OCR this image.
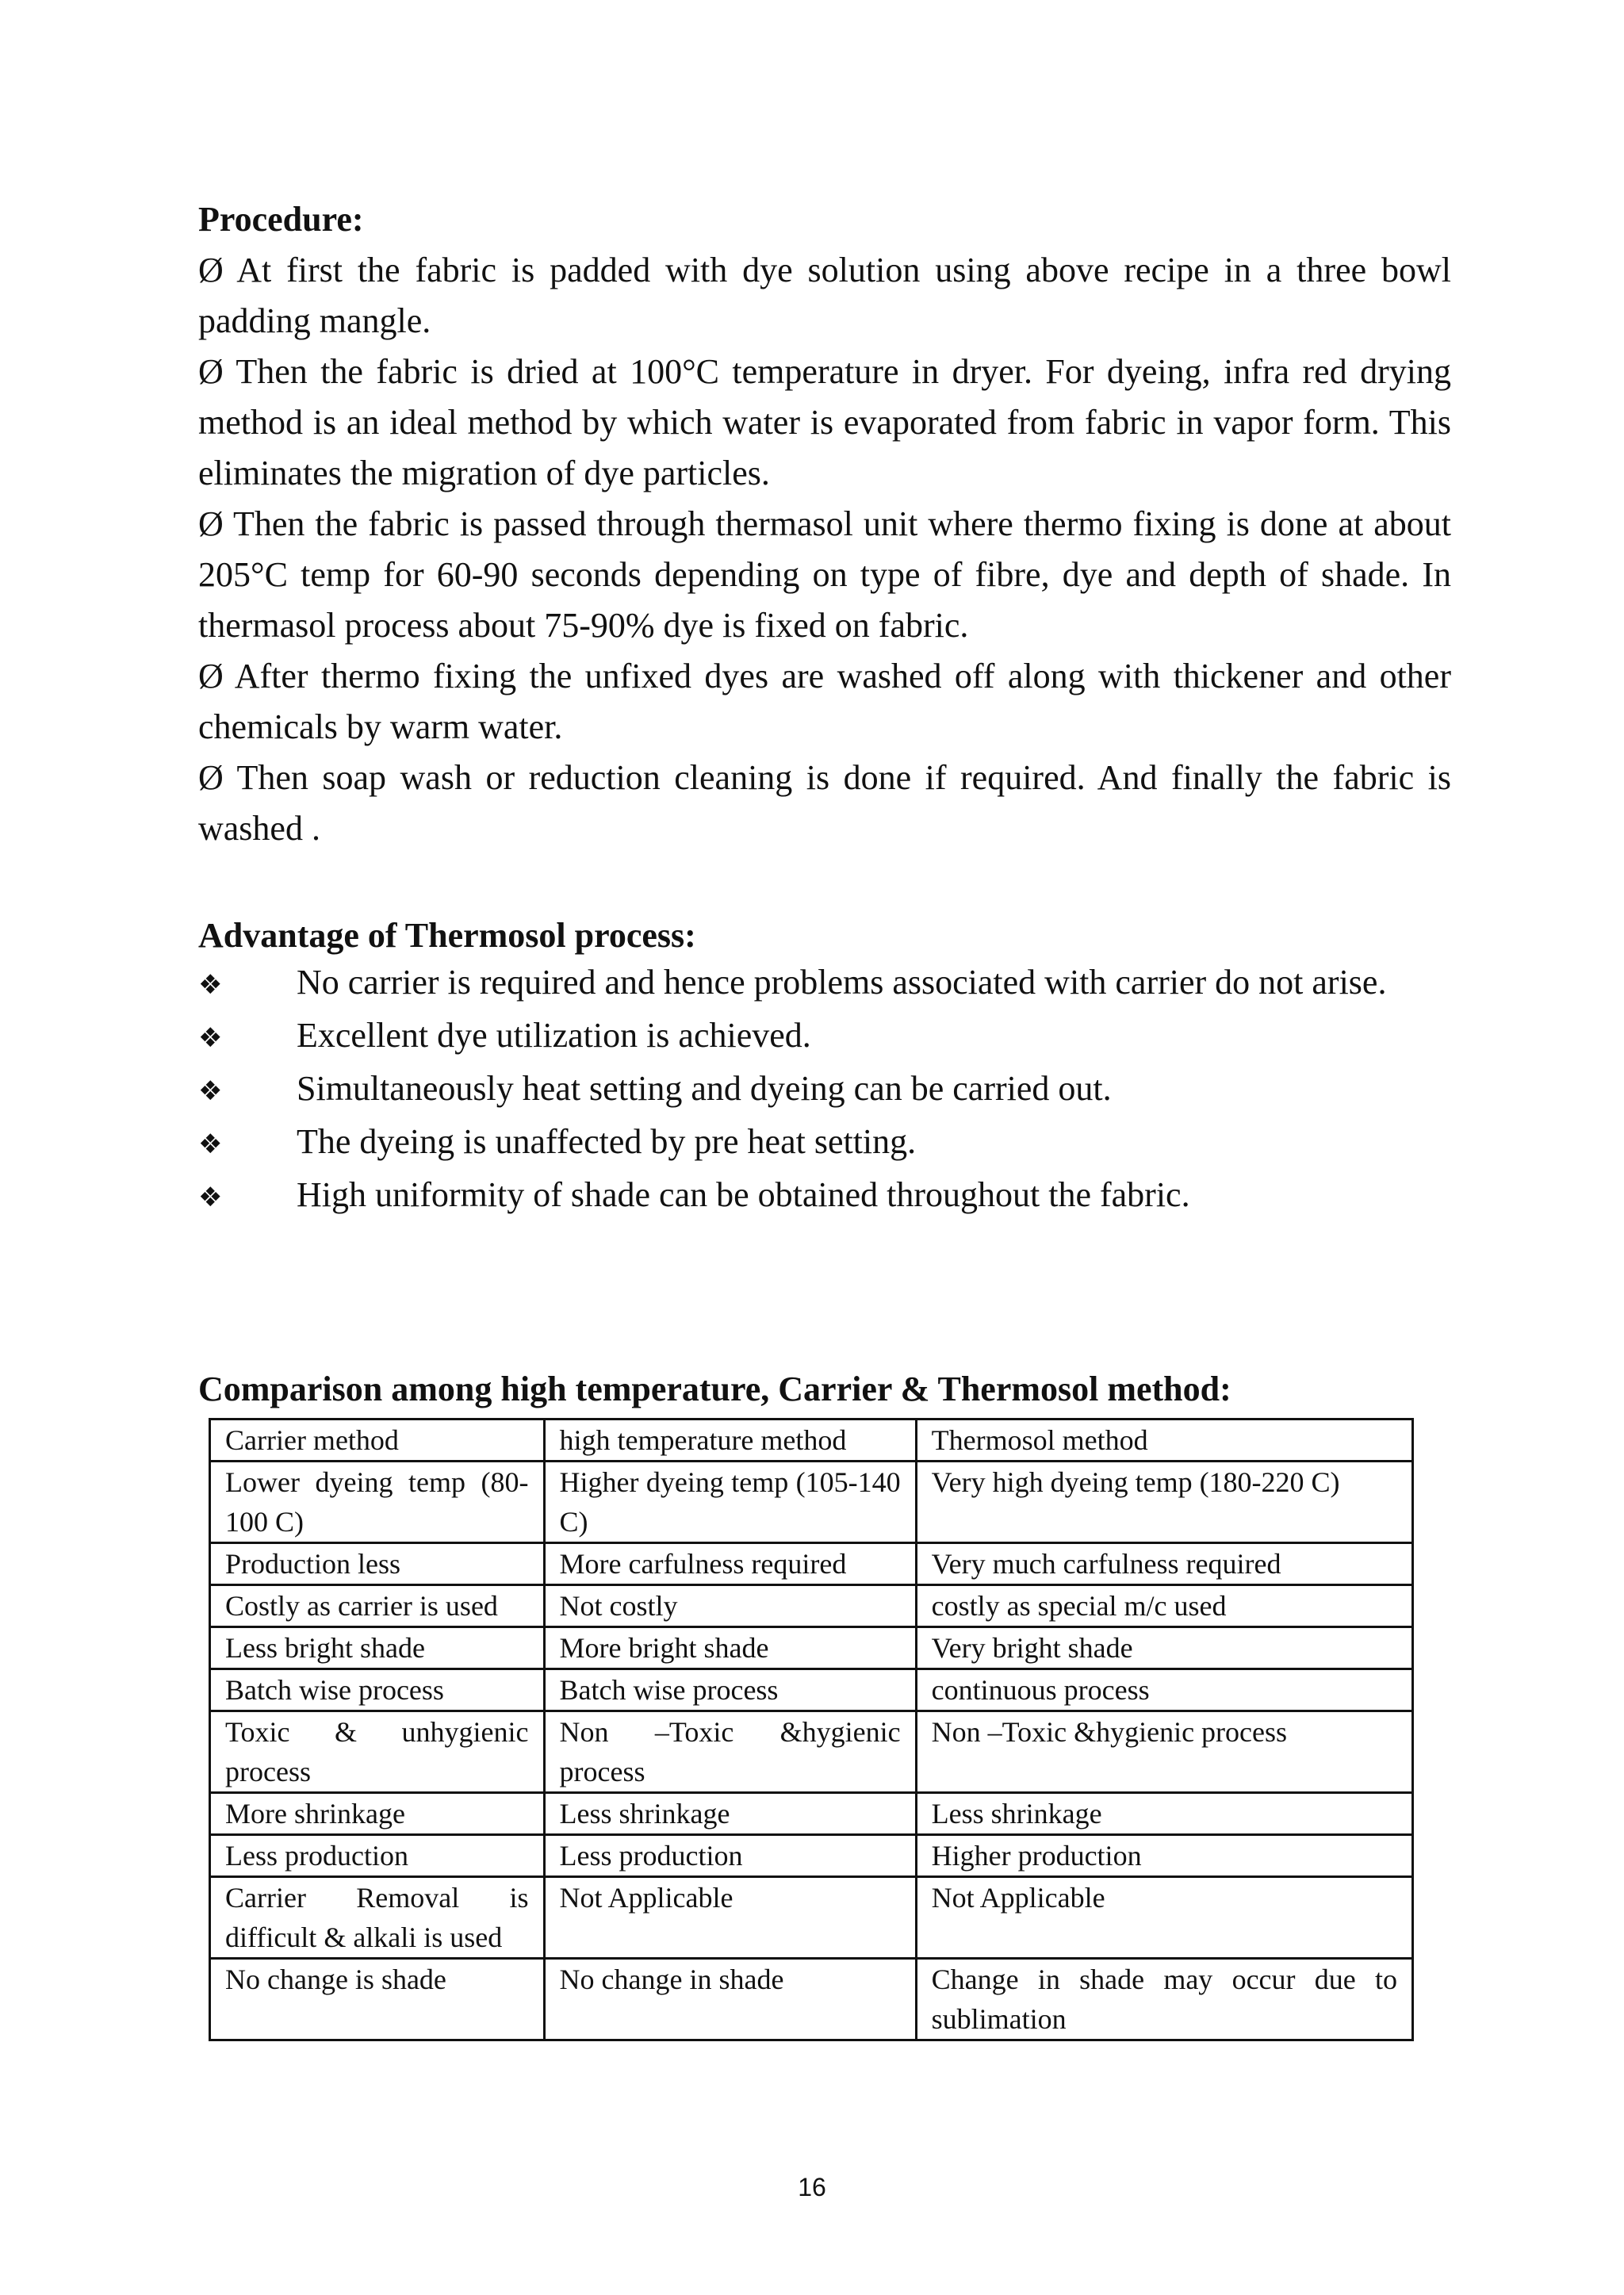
Procedure:

Ø At first the fabric is padded with dye solution using above recipe in a three bowl padding mangle.

Ø Then the fabric is dried at 100°C temperature in dryer. For dyeing, infra red drying method is an ideal method by which water is evaporated from fabric in vapor form. This eliminates the migration of dye particles.

Ø Then the fabric is passed through thermasol unit where thermo fixing is done at about 205°C temp for 60-90 seconds depending on type of fibre, dye and depth of shade. In thermasol process about 75-90% dye is fixed on fabric.

Ø After thermo fixing the unfixed dyes are washed off along with thickener and other chemicals by warm water.

Ø Then soap wash or reduction cleaning is done if required. And finally the fabric is washed .

Advantage of Thermosol process:
❖ No carrier is required and hence problems associated with carrier do not arise.
❖ Excellent dye utilization is achieved.
❖ Simultaneously heat setting and dyeing can be carried out.
❖ The dyeing is unaffected by pre heat setting.
❖ High uniformity of shade can be obtained throughout the fabric.
Comparison among high temperature, Carrier & Thermosol method:
Carrier method	high temperature method	Thermosol method
Lower dyeing temp (80-100 C)	Higher dyeing temp (105-140 C)	Very high dyeing temp (180-220 C)
Production less	More carfulness required	Very much carfulness required
Costly as carrier is used	Not costly	costly as special m/c used
Less bright shade	More bright shade	Very bright shade
Batch wise process	Batch wise process	continuous process
Toxic & unhygienic process	Non –Toxic &hygienic process	Non –Toxic &hygienic process
More shrinkage	Less shrinkage	Less shrinkage
Less production	Less production	Higher production
Carrier Removal is difficult & alkali is used	Not Applicable	Not Applicable
No change is shade	No change in shade	Change in shade may occur due to sublimation
16
